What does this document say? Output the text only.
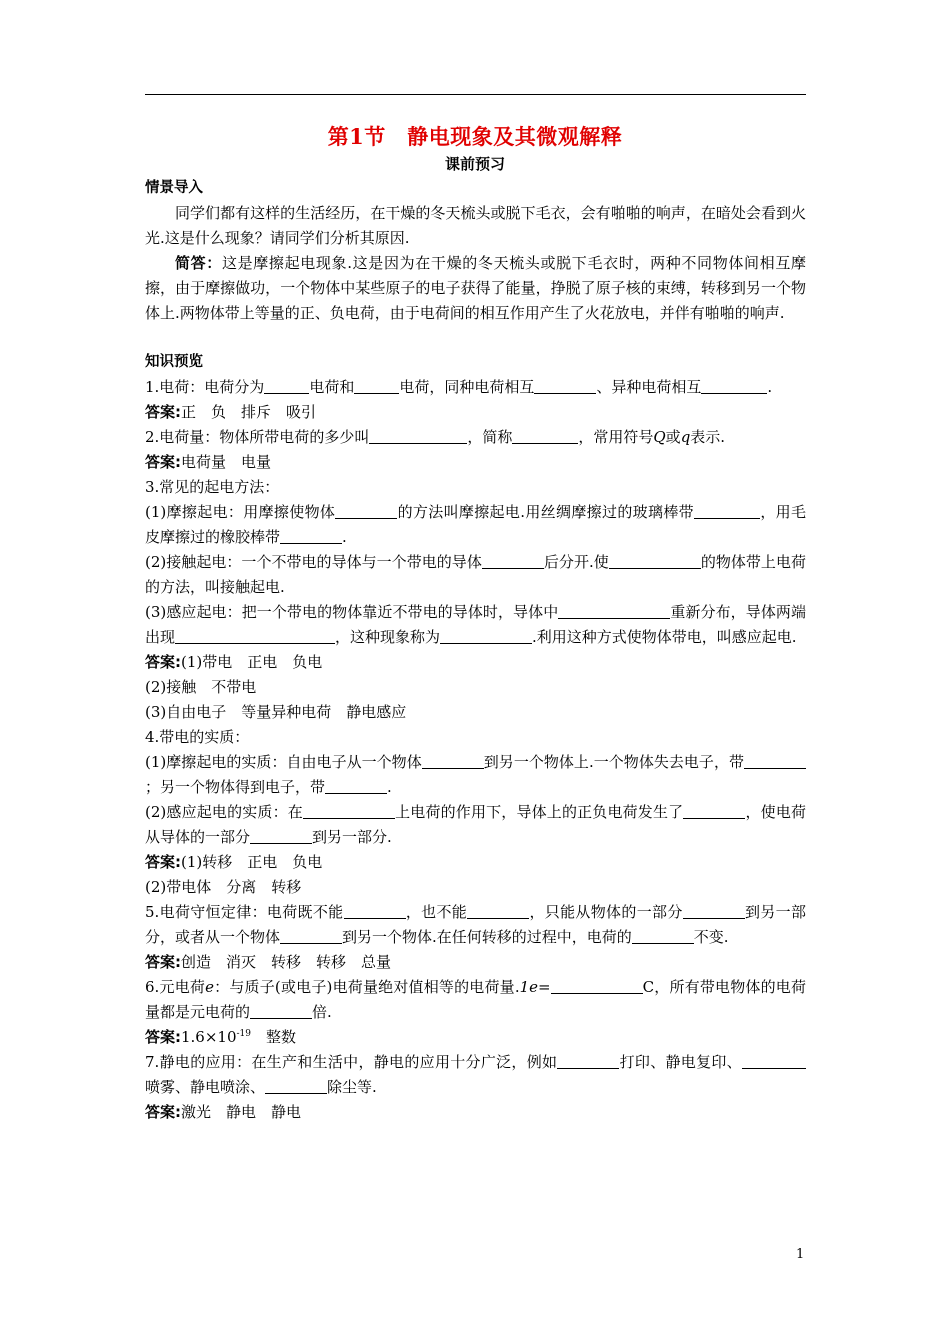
第1节　静电现象及其微观解释
课前预习

情景导入

同学们都有这样的生活经历，在干燥的冬天梳头或脱下毛衣，会有啪啪的响声，在暗处会看到火光.这是什么现象？请同学们分析其原因.

简答：这是摩擦起电现象.这是因为在干燥的冬天梳头或脱下毛衣时，两种不同物体间相互摩擦，由于摩擦做功，一个物体中某些原子的电子获得了能量，挣脱了原子核的束缚，转移到另一个物体上.两物体带上等量的正、负电荷，由于电荷间的相互作用产生了火花放电，并伴有啪啪的响声.

知识预览

1.电荷：电荷分为	电荷和	电荷，同种电荷相互	、异种电荷相互	.

答案:正　负　排斥　吸引

2.电荷量：物体所带电荷的多少叫	，简称	，常用符号Q或q表示.

答案:电荷量　电量

3.常见的起电方法：

(1)摩擦起电：用摩擦使物体	的方法叫摩擦起电.用丝绸摩擦过的玻璃棒带	，用毛皮摩擦过的橡胶棒带	.

(2)接触起电：一个不带电的导体与一个带电的导体	后分开.使	的物体带上电荷的方法，叫接触起电.

(3)感应起电：把一个带电的物体靠近不带电的导体时，导体中	重新分布，导体两端出现	，这种现象称为	.利用这种方式使物体带电，叫感应起电.

答案:(1)带电　正电　负电

(2)接触　不带电

(3)自由电子　等量异种电荷　静电感应

4.带电的实质：

(1)摩擦起电的实质：自由电子从一个物体	到另一个物体上.一个物体失去电子，带；另一个物体得到电子，带	.

(2)感应起电的实质：在	上电荷的作用下，导体上的正负电荷发生了	，使电荷从导体的一部分	到另一部分.

答案:(1)转移　正电　负电

(2)带电体　分离　转移

5.电荷守恒定律：电荷既不能	，也不能	，只能从物体的一部分	到另一部分，或者从一个物体	到另一个物体.在任何转移的过程中，电荷的	不变.

答案:创造　消灭　转移　转移　总量

6.元电荷e：与质子(或电子)电荷量绝对值相等的电荷量.1e=	C，所有带电物体的电荷量都是元电荷的	倍.

答案$:1.6\times 10^{-19}$　整数

7.静电的应用：在生产和生活中，静电的应用十分广泛，例如	打印、静电复印、喷雾、静电喷涂、	除尘等.

答案:激光　静电　静电

1
